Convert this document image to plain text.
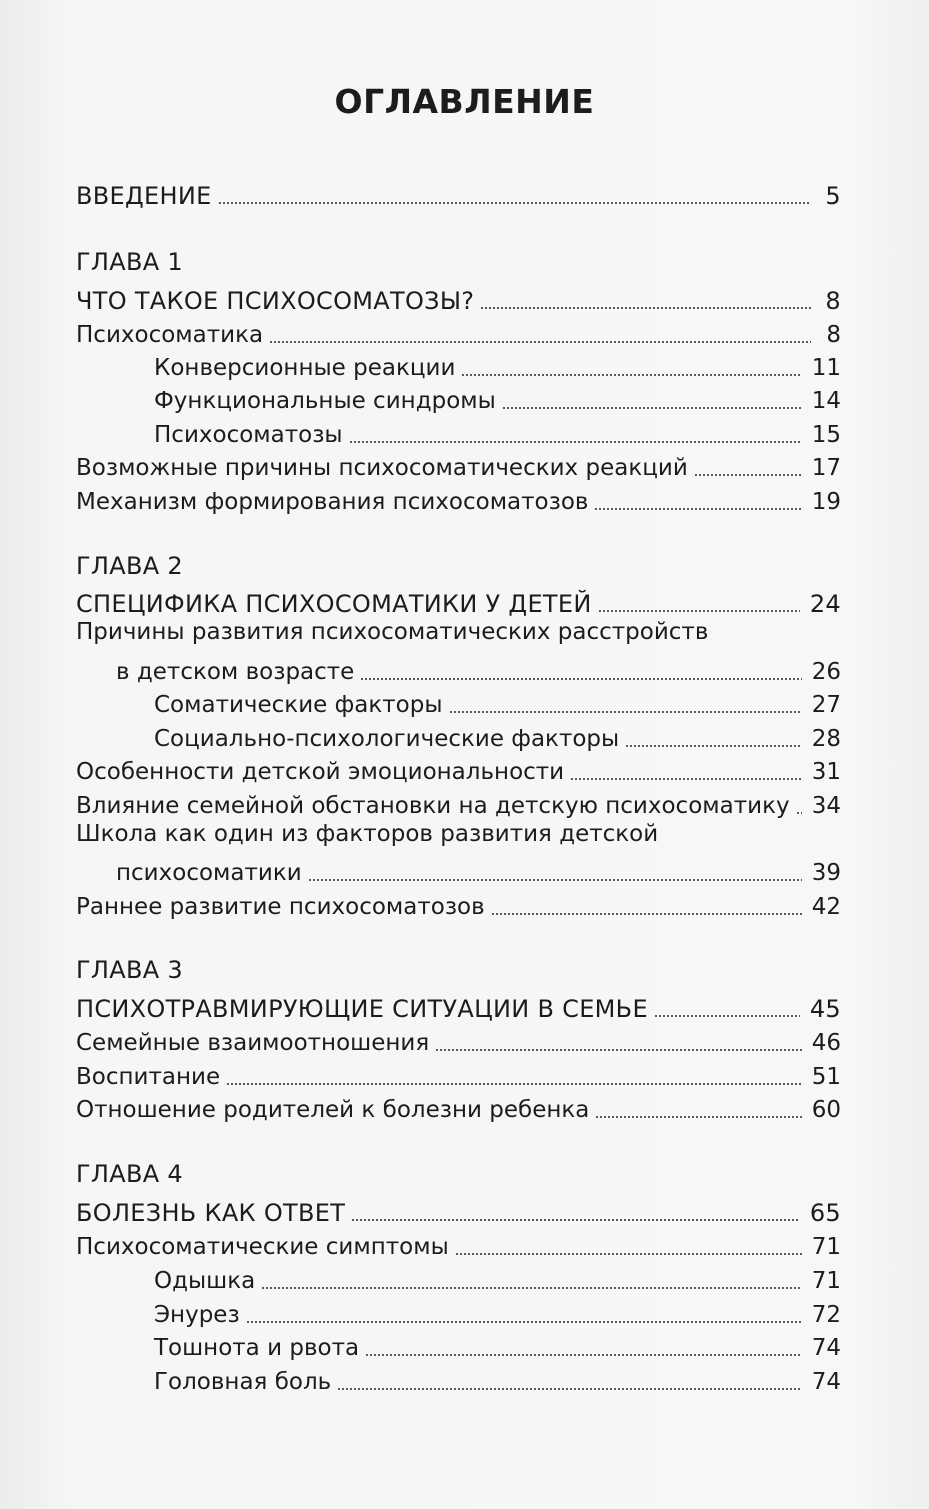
ОГЛАВЛЕНИЕ
ВВЕДЕНИЕ	5
ГЛАВА 1
ЧТО ТАКОЕ ПСИХОСОМАТОЗЫ?	8
Психосоматика	8
Конверсионные реакции	11
Функциональные синдромы	14
Психосоматозы	15
Возможные причины психосоматических реакций	17
Механизм формирования психосоматозов	19
ГЛАВА 2
СПЕЦИФИКА ПСИХОСОМАТИКИ У ДЕТЕЙ	24
Причины развития психосоматических расстройств
в детском возрасте	26
Соматические факторы	27
Социально-психологические факторы	28
Особенности детской эмоциональности	31
Влияние семейной обстановки на детскую психосоматику 34
Школа как один из факторов развития детской
психосоматики	39
Раннее развитие психосоматозов	42
ГЛАВА 3
ПСИХОТРАВМИРУЮЩИЕ СИТУАЦИИ В СЕМЬЕ	45
Семейные взаимоотношения	46
Воспитание	51
Отношение родителей к болезни ребенка	60
ГЛАВА 4
БОЛЕЗНЬ КАК ОТВЕТ	65
Психосоматические симптомы	71
Одышка	71
Энурез	72
Тошнота и рвота	74
Головная боль	74
